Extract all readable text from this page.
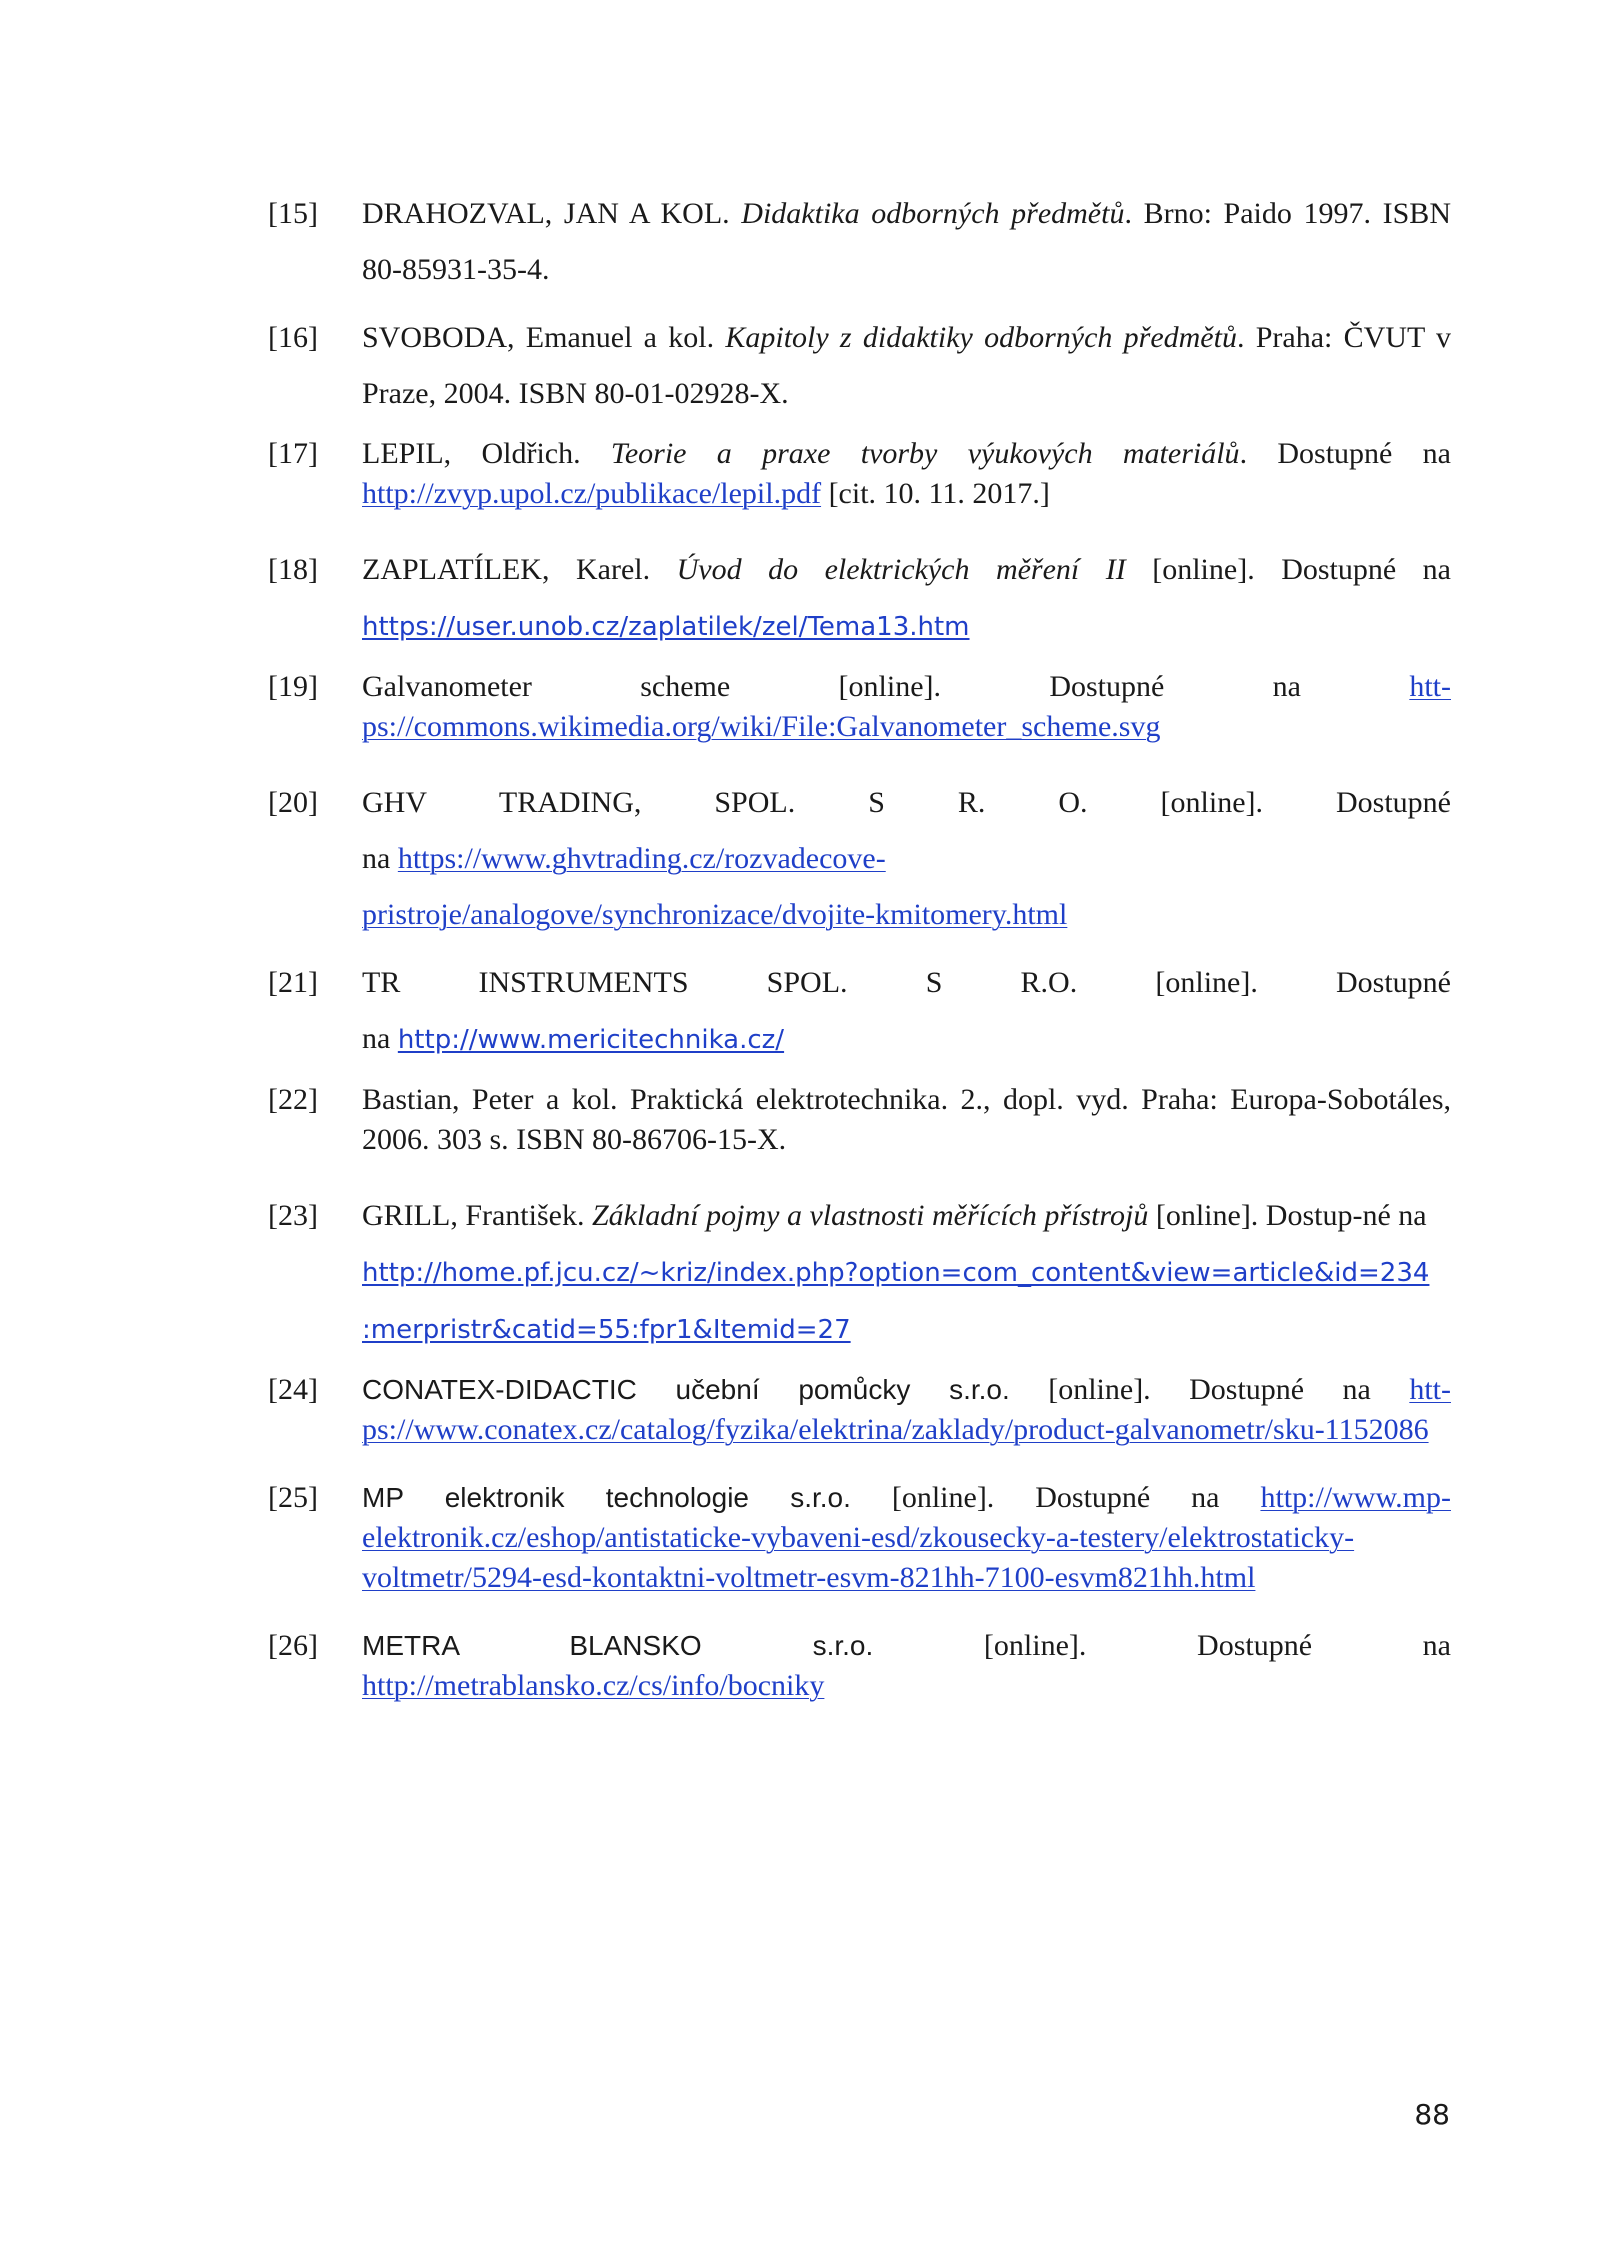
[15] DRAHOZVAL, JAN A KOL. Didaktika odborných předmětů. Brno: Paido 1997. ISBN 80-85931-35-4.
[16] SVOBODA, Emanuel a kol. Kapitoly z didaktiky odborných předmětů. Praha: ČVUT v Praze, 2004. ISBN 80-01-02928-X.
[17] LEPIL, Oldřich. Teorie a praxe tvorby výukových materiálů. Dostupné na http://zvyp.upol.cz/publikace/lepil.pdf [cit. 10. 11. 2017.]
[18] ZAPLATÍLEK, Karel. Úvod do elektrických měření II [online]. Dostupné na https://user.unob.cz/zaplatilek/zel/Tema13.htm
[19] Galvanometer scheme [online]. Dostupné na htt-
ps://commons.wikimedia.org/wiki/File:Galvanometer_scheme.svg
[20] GHV TRADING, SPOL. S R. O. [online]. Dostupné
na https://www.ghvtrading.cz/rozvadecove-
pristroje/analogove/synchronizace/dvojite-kmitomery.html
[21] TR INSTRUMENTS SPOL. S R.O. [online]. Dostupné
na http://www.mericitechnika.cz/
[22] Bastian, Peter a kol. Praktická elektrotechnika. 2., dopl. vyd. Praha: Europa-Sobotáles, 2006. 303 s. ISBN 80-86706-15-X.
[23] GRILL, František. Základní pojmy a vlastnosti měřících přístrojů [online]. Dostup-né na
http://home.pf.jcu.cz/~kriz/index.php?option=com_content&view=article&id=234
:merpristr&catid=55:fpr1&Itemid=27
[24] CONATEX-DIDACTIC učební pomůcky s.r.o. [online]. Dostupné na htt-ps://www.conatex.cz/catalog/fyzika/elektrina/zaklady/product-galvanometr/sku-1152086
[25] MP elektronik technologie s.r.o. [online]. Dostupné na http://www.mp-elektronik.cz/eshop/antistaticke-vybaveni-esd/zkousecky-a-testery/elektrostaticky-voltmetr/5294-esd-kontaktni-voltmetr-esvm-821hh-7100-esvm821hh.html
[26] METRA BLANSKO s.r.o. [online]. Dostupné na
http://metrablansko.cz/cs/info/bocniky
88
